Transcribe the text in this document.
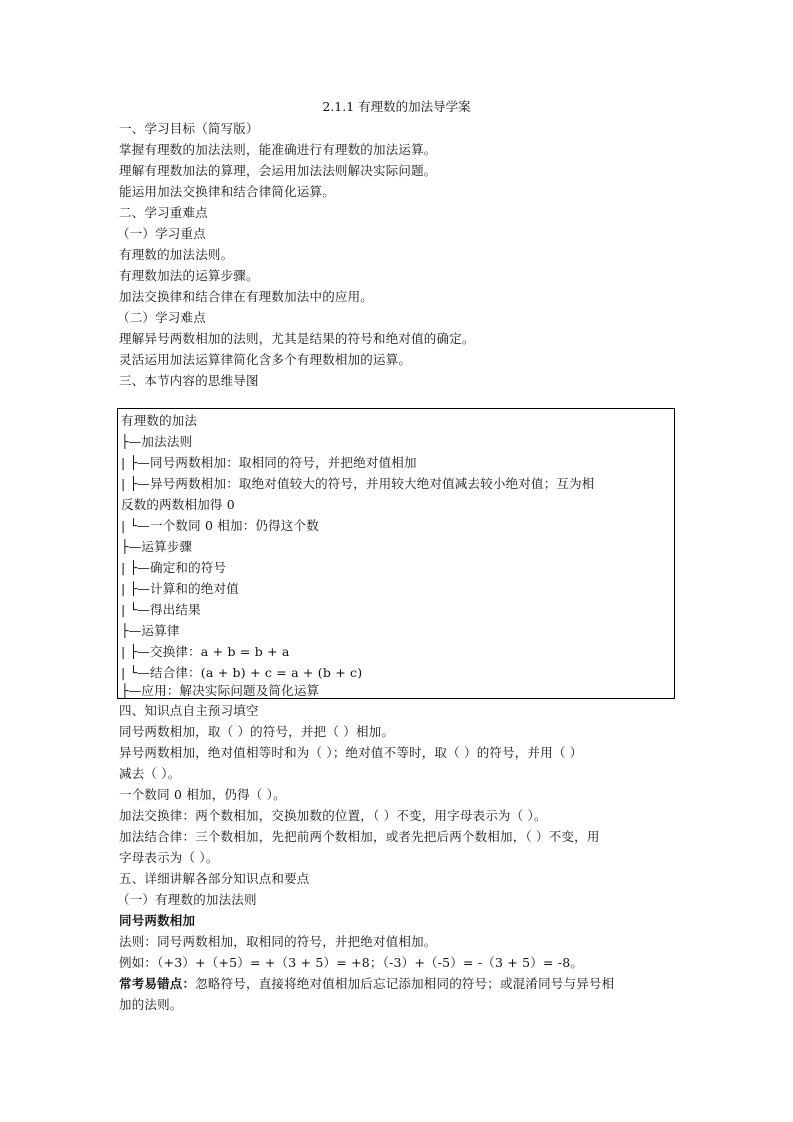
2.1.1 有理数的加法导学案
一、学习目标（简写版）
掌握有理数的加法法则，能准确进行有理数的加法运算。
理解有理数加法的算理，会运用加法法则解决实际问题。
能运用加法交换律和结合律简化运算。
二、学习重难点
（一）学习重点
有理数的加法法则。
有理数加法的运算步骤。
加法交换律和结合律在有理数加法中的应用。
（二）学习难点
理解异号两数相加的法则，尤其是结果的符号和绝对值的确定。
灵活运用加法运算律简化含多个有理数相加的运算。
三、本节内容的思维导图
有理数的加法
├—加法法则
| ├—同号两数相加：取相同的符号，并把绝对值相加
| ├—异号两数相加：取绝对值较大的符号，并用较大绝对值减去较小绝对值；互为相
反数的两数相加得 0
| └—一个数同 0 相加：仍得这个数
├—运算步骤
| ├—确定和的符号
| ├—计算和的绝对值
| └—得出结果
├—运算律
| ├—交换律：a + b = b + a
| └—结合律：(a + b) + c = a + (b + c)
├—应用：解决实际问题及简化运算
四、知识点自主预习填空
同号两数相加，取（ ）的符号，并把（ ）相加。
异号两数相加，绝对值相等时和为（ ）；绝对值不等时，取（ ）的符号，并用（ ）
减去（ ）。
一个数同 0 相加，仍得（ ）。
加法交换律：两个数相加，交换加数的位置，（ ）不变，用字母表示为（ ）。
加法结合律：三个数相加，先把前两个数相加，或者先把后两个数相加，（ ）不变，用
字母表示为（ ）。
五、详细讲解各部分知识点和要点
（一）有理数的加法法则
同号两数相加
法则：同号两数相加，取相同的符号，并把绝对值相加。
例如：（+3）+（+5）= +（3 + 5）= +8；（-3）+（-5）= -（3 + 5）= -8。
常考易错点：忽略符号，直接将绝对值相加后忘记添加相同的符号；或混淆同号与异号相
加的法则。
